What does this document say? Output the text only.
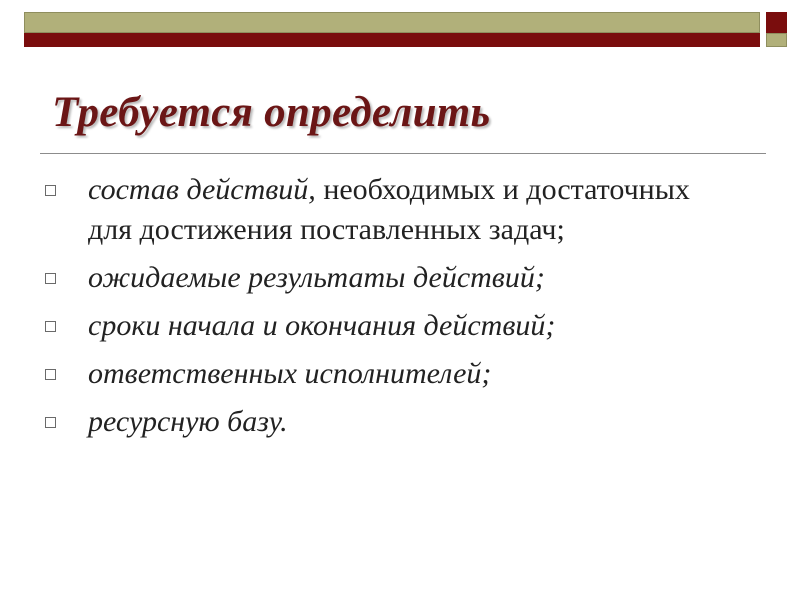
Требуется определить
состав действий, необходимых и достаточных для достижения поставленных задач;
ожидаемые результаты действий;
сроки начала и окончания действий;
ответственных исполнителей;
ресурсную базу.
